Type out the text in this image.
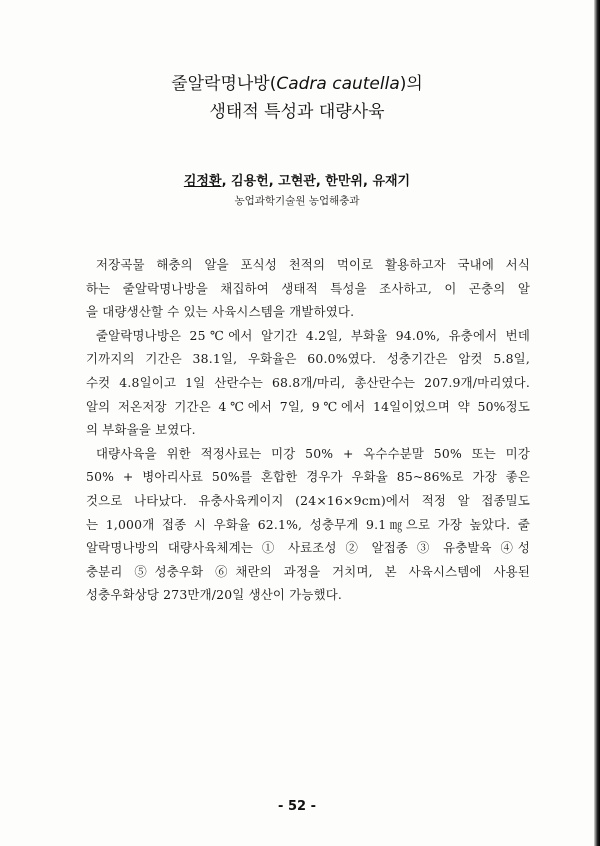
줄알락명나방(Cadra cautella)의
생태적 특성과 대량사육
김정환, 김용헌, 고현관, 한만위, 유재기
농업과학기술원 농업해충과
저장곡물 해충의 알을 포식성 천적의 먹이로 활용하고자 국내에 서식
하는 줄알락명나방을 채집하여 생태적 특성을 조사하고, 이 곤충의 알
을 대량생산할 수 있는 사육시스템을 개발하였다.
줄알락명나방은 25℃에서 알기간 4.2일, 부화율 94.0%, 유충에서 번데
기까지의 기간은 38.1일, 우화율은 60.0%였다. 성충기간은 암컷 5.8일,
수컷 4.8일이고 1일 산란수는 68.8개/마리, 총산란수는 207.9개/마리였다.
알의 저온저장 기간은 4℃에서 7일, 9℃에서 14일이었으며 약 50%정도
의 부화율을 보였다.
대량사육을 위한 적정사료는 미강 50% + 옥수수분말 50% 또는 미강
50% + 병아리사료 50%를 혼합한 경우가 우화율 85~86%로 가장 좋은
것으로 나타났다. 유충사육케이지 (24×16×9cm)에서 적정 알 접종밀도
는 1,000개 접종 시 우화율 62.1%, 성충무게 9.1㎎으로 가장 높았다. 줄
알락명나방의 대량사육체계는 ① 사료조성 ② 알접종 ③ 유충발육 ④성
충분리 ⑤성충우화 ⑥채란의 과정을 거치며, 본 사육시스템에 사용된
성충우화상당 273만개/20일 생산이 가능했다.
- 52 -
